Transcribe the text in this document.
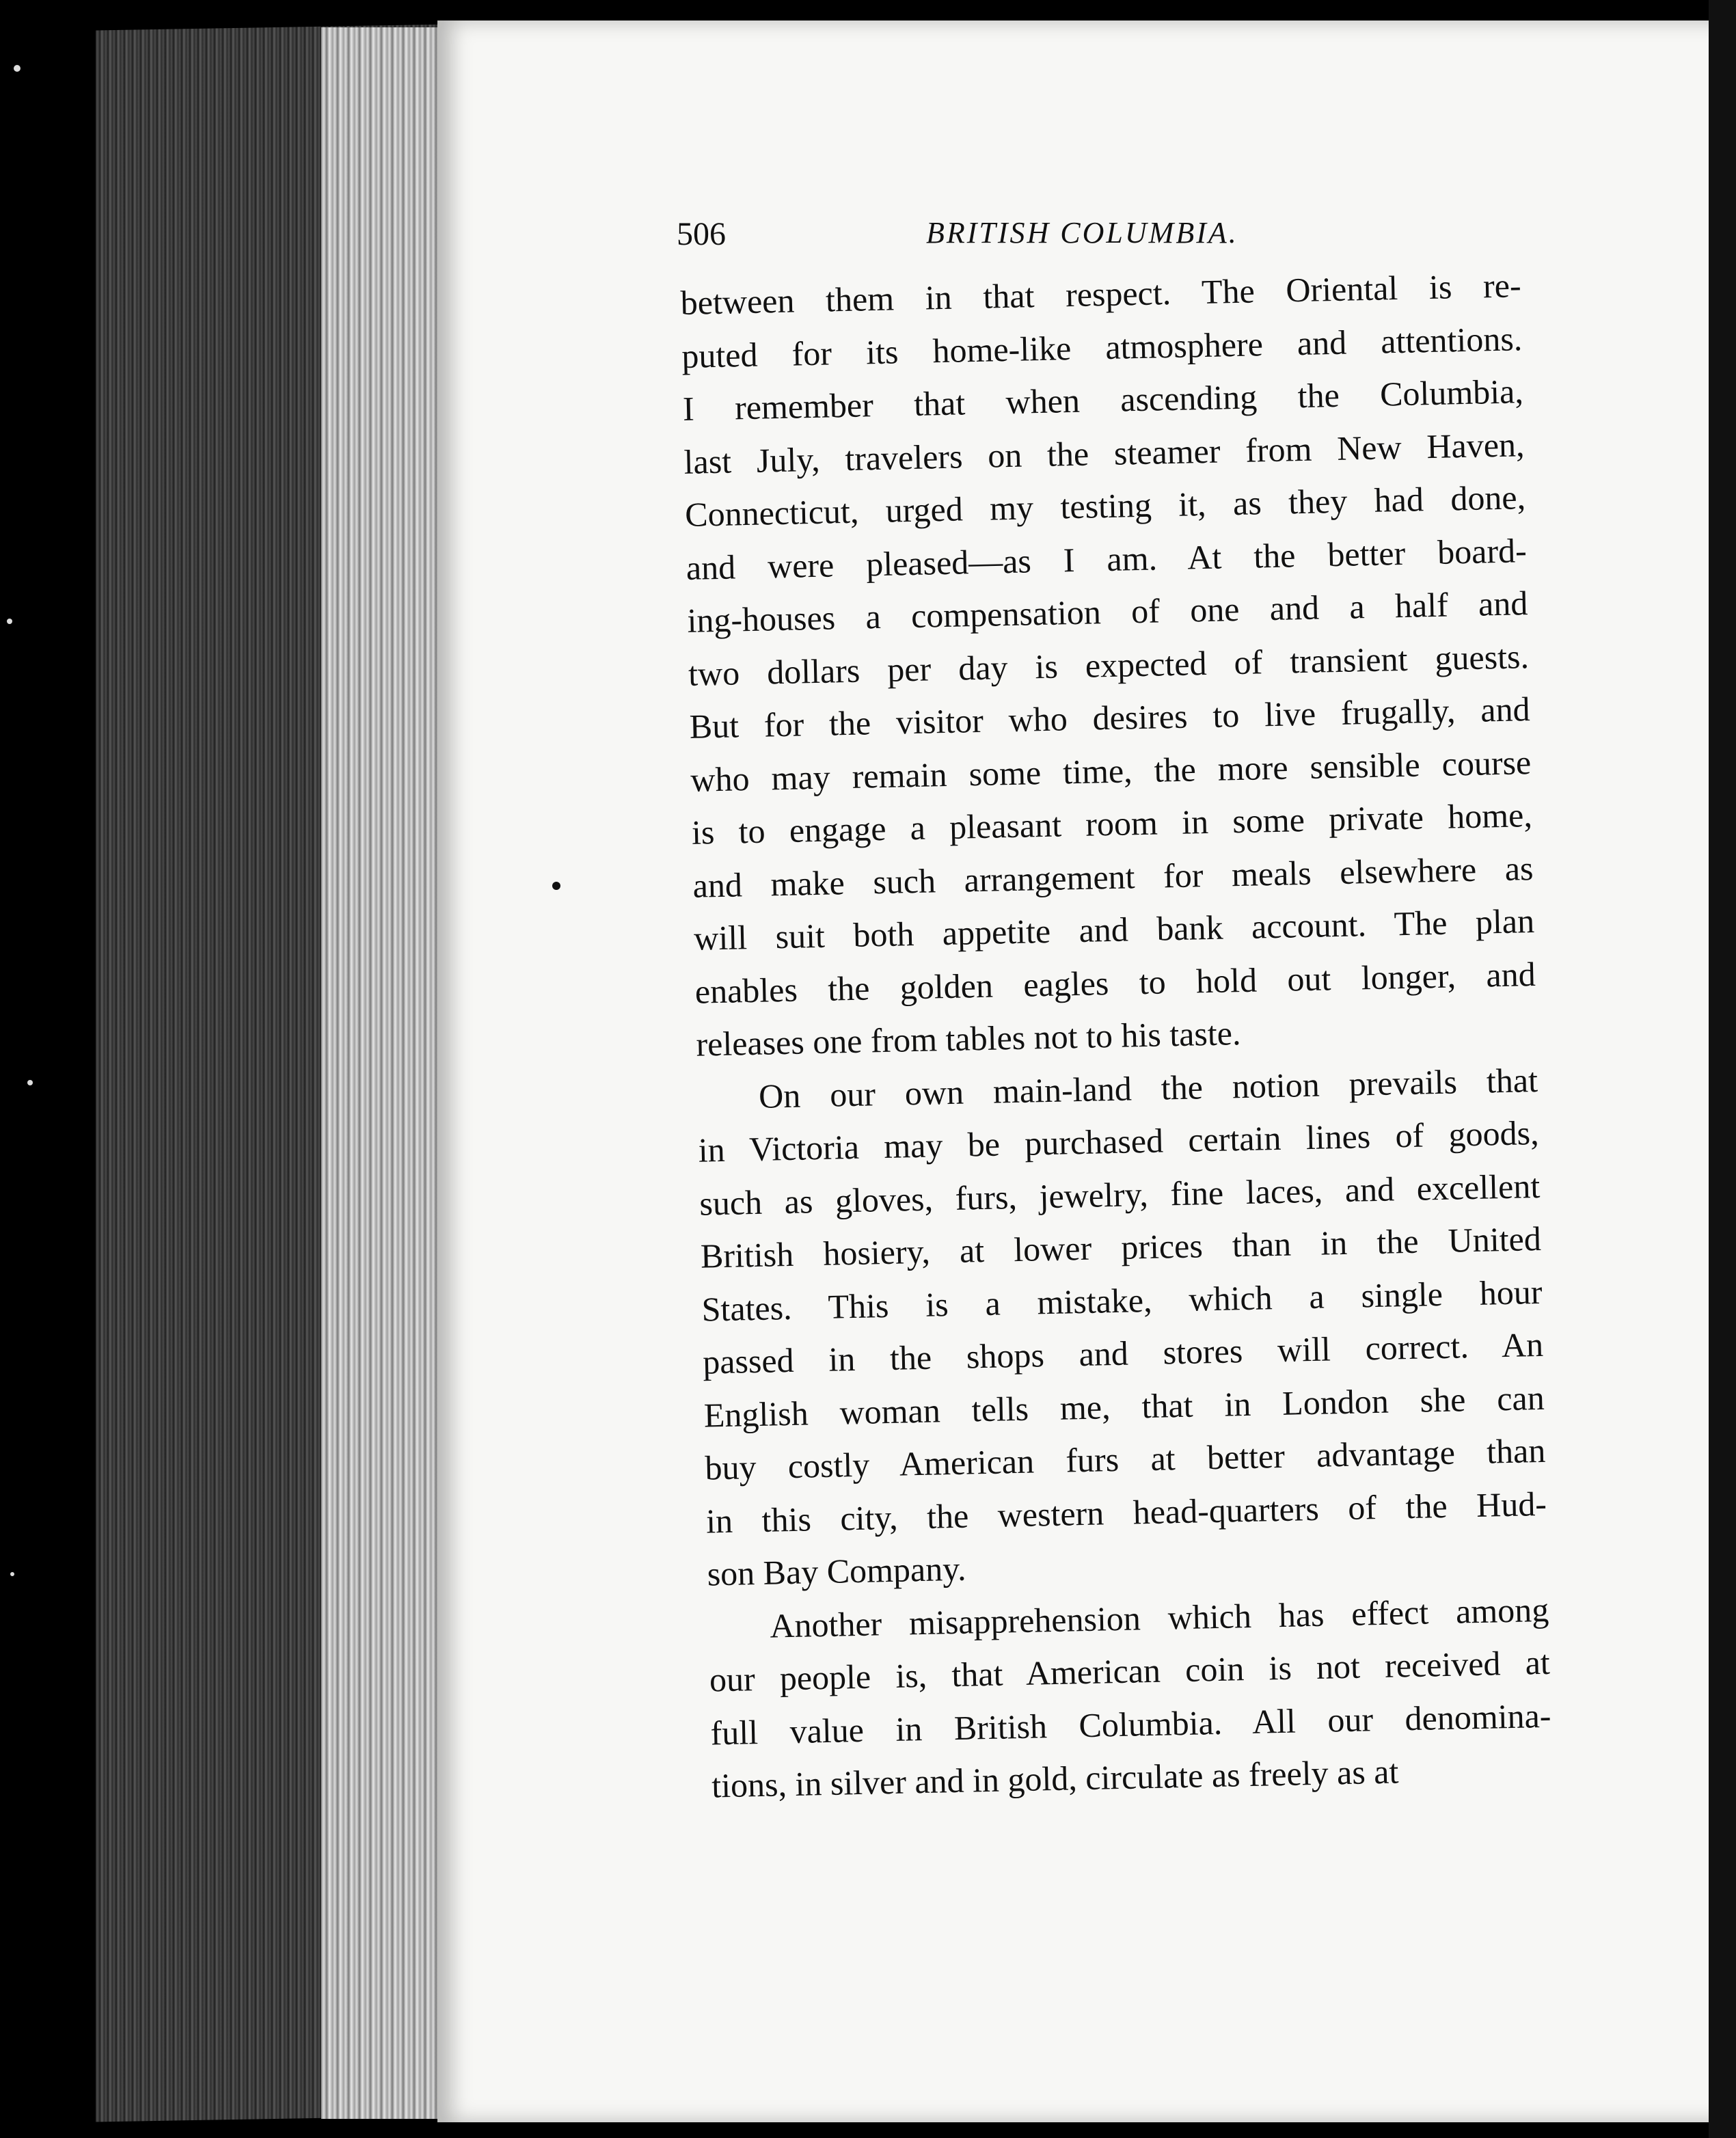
506	BRITISH COLUMBIA.
between them in that respect. The Oriental is re-
puted for its home-like atmosphere and attentions.
I remember that when ascending the Columbia,
last July, travelers on the steamer from New Haven,
Connecticut, urged my testing it, as they had done,
and were pleased—as I am. At the better board-
ing-houses a compensation of one and a half and
two dollars per day is expected of transient guests.
But for the visitor who desires to live frugally, and
who may remain some time, the more sensible course
is to engage a pleasant room in some private home,
and make such arrangement for meals elsewhere as
will suit both appetite and bank account. The plan
enables the golden eagles to hold out longer, and
releases one from tables not to his taste.
On our own main-land the notion prevails that
in Victoria may be purchased certain lines of goods,
such as gloves, furs, jewelry, fine laces, and excellent
British hosiery, at lower prices than in the United
States. This is a mistake, which a single hour
passed in the shops and stores will correct. An
English woman tells me, that in London she can
buy costly American furs at better advantage than
in this city, the western head-quarters of the Hud-
son Bay Company.
Another misapprehension which has effect among
our people is, that American coin is not received at
full value in British Columbia. All our denomina-
tions, in silver and in gold, circulate as freely as at
